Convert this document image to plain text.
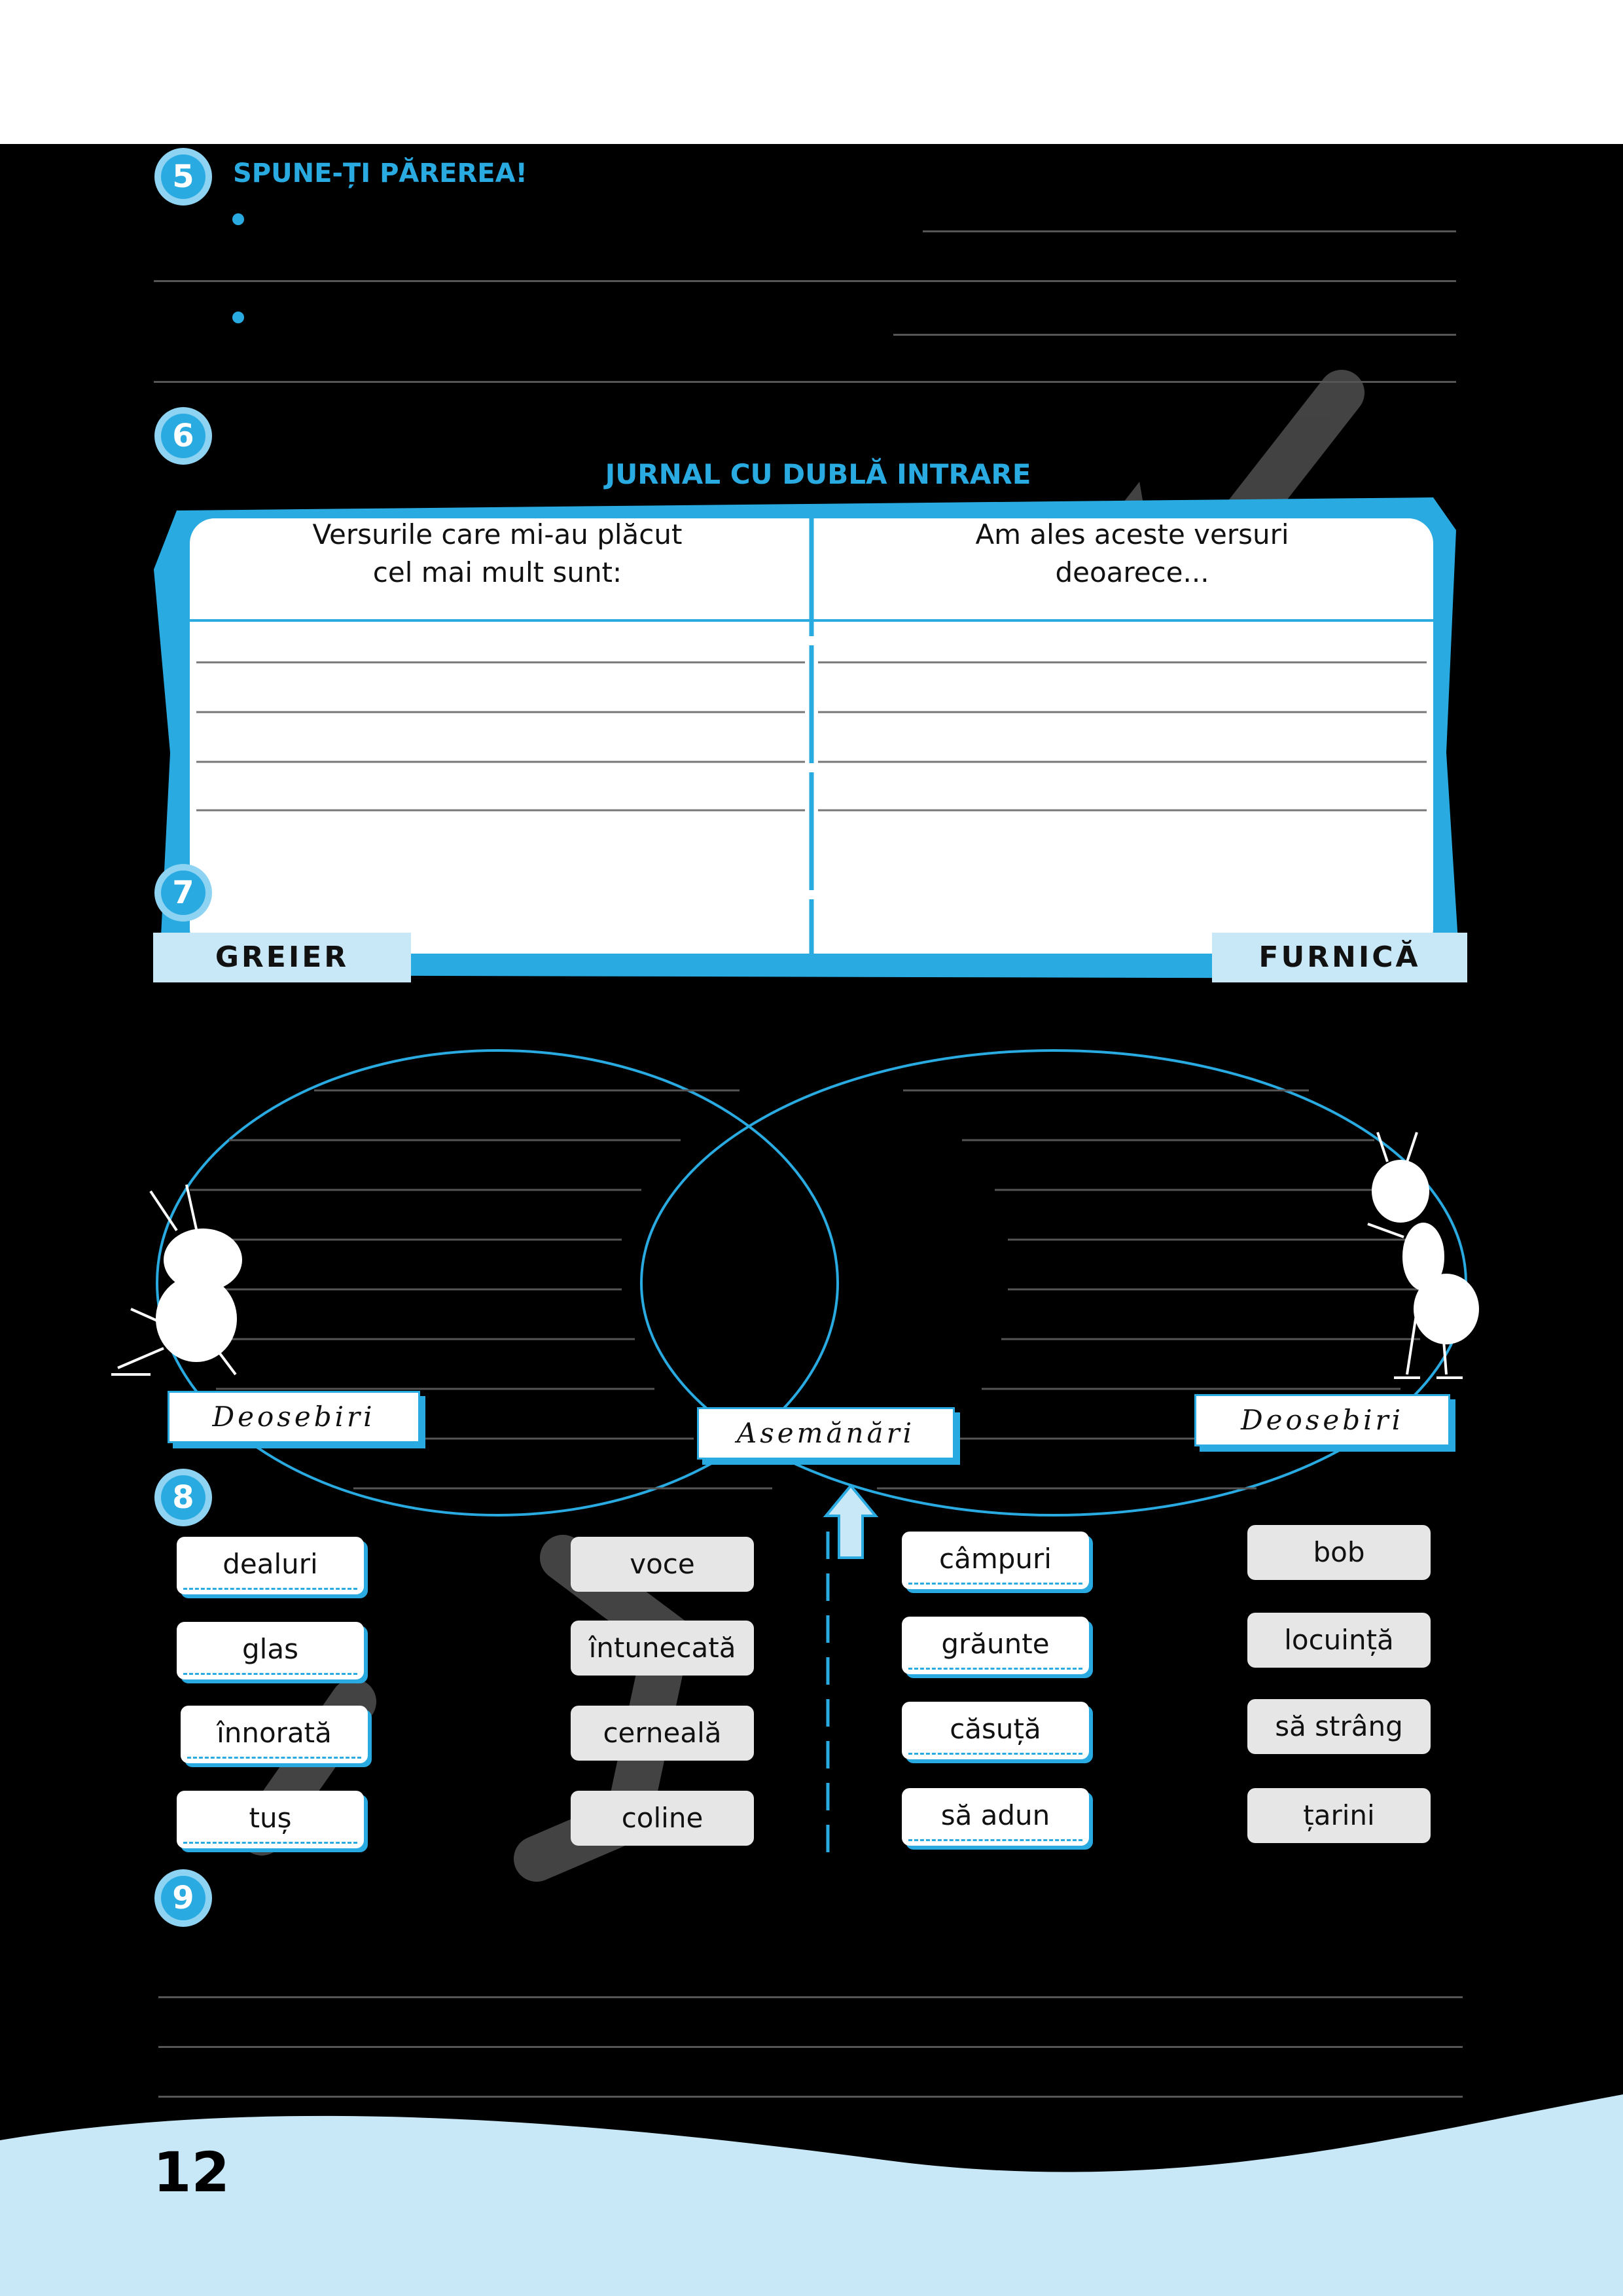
5	SPUNE-ȚI PĂREREA!
6
JURNAL CU DUBLĂ INTRARE
Versurile care mi-au plăcut
cel mai mult sunt:
Am ales aceste versuri
deoarece...
7
GREIER	FURNICĂ
Deosebiri
Asemănări	Deosebiri
8
dealuri
glas
înnorată
tuș
voce
întunecată
cerneală
coline
câmpuri
grăunte
căsuță
să adun
bob
locuință
să strâng
țarini
9
12
